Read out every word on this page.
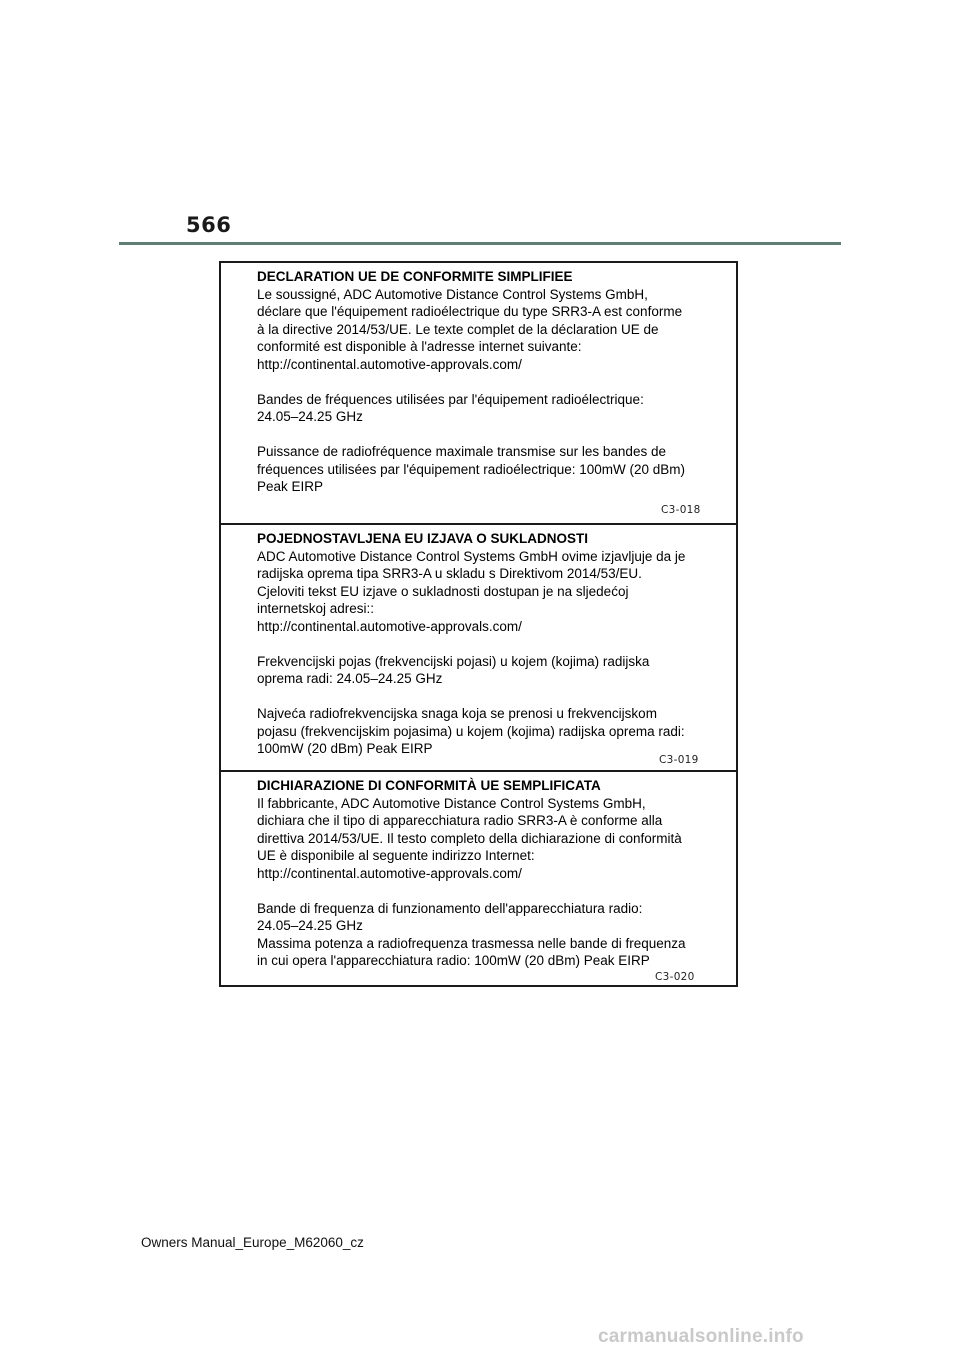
566
DECLARATION UE DE CONFORMITE SIMPLIFIEE
Le soussigné, ADC Automotive Distance Control Systems GmbH,
déclare que l'équipement radioélectrique du type SRR3-A est conforme
à la directive 2014/53/UE. Le texte complet de la déclaration UE de
conformité est disponible à l'adresse internet suivante:
http://continental.automotive-approvals.com/
Bandes de fréquences utilisées par l'équipement radioélectrique:
24.05–24.25 GHz
Puissance de radiofréquence maximale transmise sur les bandes de
fréquences utilisées par l'équipement radioélectrique: 100mW (20 dBm)
Peak EIRP
C3-018
POJEDNOSTAVLJENA EU IZJAVA O SUKLADNOSTI
ADC Automotive Distance Control Systems GmbH ovime izjavljuje da je
radijska oprema tipa SRR3-A u skladu s Direktivom 2014/53/EU.
Cjeloviti tekst EU izjave o sukladnosti dostupan je na sljedećoj
internetskoj adresi::
http://continental.automotive-approvals.com/
Frekvencijski pojas (frekvencijski pojasi) u kojem (kojima) radijska
oprema radi: 24.05–24.25 GHz
Najveća radiofrekvencijska snaga koja se prenosi u frekvencijskom
pojasu (frekvencijskim pojasima) u kojem (kojima) radijska oprema radi:
100mW (20 dBm) Peak EIRP
C3-019
DICHIARAZIONE DI CONFORMITÀ UE SEMPLIFICATA
Il fabbricante, ADC Automotive Distance Control Systems GmbH,
dichiara che il tipo di apparecchiatura radio SRR3-A è conforme alla
direttiva 2014/53/UE. Il testo completo della dichiarazione di conformità
UE è disponibile al seguente indirizzo Internet:
http://continental.automotive-approvals.com/
Bande di frequenza di funzionamento dell'apparecchiatura radio:
24.05–24.25 GHz
Massima potenza a radiofrequenza trasmessa nelle bande di frequenza
in cui opera l'apparecchiatura radio: 100mW (20 dBm) Peak EIRP
C3-020
Owners Manual_Europe_M62060_cz
carmanualsonline.info
